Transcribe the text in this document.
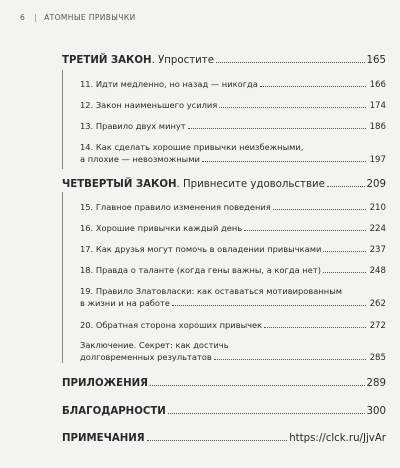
6 | АТОМНЫЕ ПРИВЫЧКИ
ТРЕТИЙ ЗАКОН . Упростите	165
11. Идти медленно, но назад — никогда	166
12. Закон наименьшего усилия	174
13. Правило двух минут	186
14. Как сделать хорошие привычки неизбежными,
а плохие — невозможными	197
ЧЕТВЕРТЫЙ ЗАКОН . Привнесите удовольствие	209
15. Главное правило изменения поведения	210
16. Хорошие привычки каждый день	224
17. Как друзья могут помочь в овладении привычками	237
18. Правда о таланте (когда гены важны, а когда нет)	248
19. Правило Златовласки: как оставаться мотивированным
в жизни и на работе	262
20. Обратная сторона хороших привычек	272
Заключение. Секрет: как достичь
долговременных результатов	285
ПРИЛОЖЕНИЯ	289
БЛАГОДАРНОСТИ	300
ПРИМЕЧАНИЯ	https://clck.ru/JjvAr
